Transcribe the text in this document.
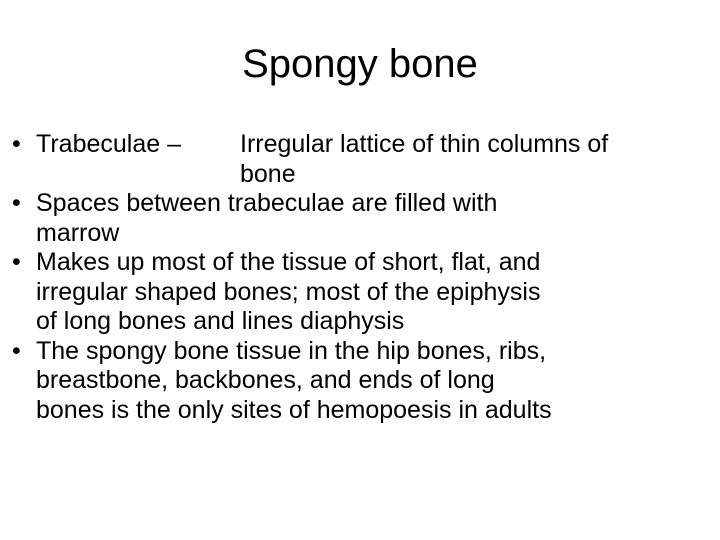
Spongy bone
• Trabeculae – Irregular lattice of thin columns of
bone
• Spaces between trabeculae are filled with
marrow
• Makes up most of the tissue of short, flat, and
irregular shaped bones; most of the epiphysis
of long bones and lines diaphysis
• The spongy bone tissue in the hip bones, ribs,
breastbone, backbones, and ends of long
bones is the only sites of hemopoesis in adults
